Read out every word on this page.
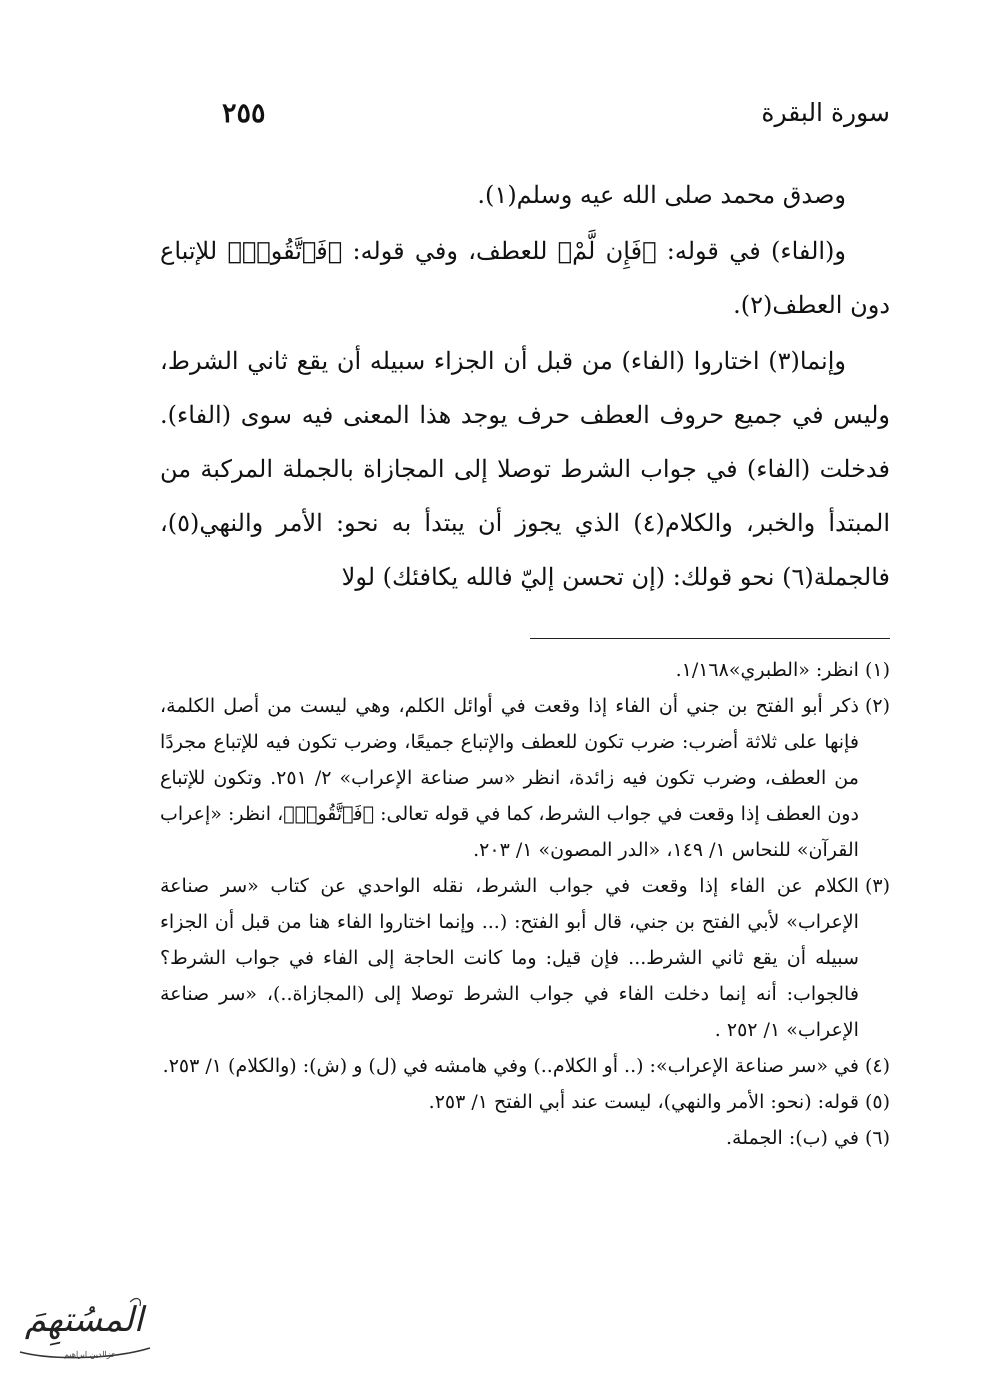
سورة البقرة
٢٥٥

وصدق محمد صلى الله عيه وسلم(١).

و(الفاء) في قوله: ﴿فَإِن لَّمْ﴾ للعطف، وفي قوله: ﴿فَٱتَّقُوا۟﴾ للإتباع دون العطف(٢).

وإنما(٣) اختاروا (الفاء) من قبل أن الجزاء سبيله أن يقع ثاني الشرط، وليس في جميع حروف العطف حرف يوجد هذا المعنى فيه سوى (الفاء). فدخلت (الفاء) في جواب الشرط توصلا إلى المجازاة بالجملة المركبة من المبتدأ والخبر، والكلام(٤) الذي يجوز أن يبتدأ به نحو: الأمر والنهي(٥)، فالجملة(٦) نحو قولك: (إن تحسن إليّ فالله يكافئك) لولا

(١)
انظر: «الطبري»١/١٦٨.
(٢)
ذكر أبو الفتح بن جني أن الفاء إذا وقعت في أوائل الكلم، وهي ليست من أصل الكلمة، فإنها على ثلاثة أضرب: ضرب تكون للعطف والإتباع جميعًا، وضرب تكون فيه للإتباع مجردًا من العطف، وضرب تكون فيه زائدة، انظر «سر صناعة الإعراب» ٢/ ٢٥١. وتكون للإتباع دون العطف إذا وقعت في جواب الشرط، كما في قوله تعالى: ﴿فَٱتَّقُوا۟﴾، انظر: «إعراب القرآن» للنحاس ١/ ١٤٩، «الدر المصون» ١/ ٢٠٣.
(٣)
الكلام عن الفاء إذا وقعت في جواب الشرط، نقله الواحدي عن كتاب «سر صناعة الإعراب» لأبي الفتح بن جني، قال أبو الفتح: (... وإنما اختاروا الفاء هنا من قبل أن الجزاء سبيله أن يقع ثاني الشرط... فإن قيل: وما كانت الحاجة إلى الفاء في جواب الشرط؟ فالجواب: أنه إنما دخلت الفاء في جواب الشرط توصلا إلى (المجازاة..)، «سر صناعة الإعراب» ١/ ٢٥٢ .
(٤)
في «سر صناعة الإعراب»: (.. أو الكلام..) وفي هامشه في (ل) و (ش): (والكلام) ١/ ٢٥٣.
(٥)
قوله: (نحو: الأمر والنهي)، ليست عند أبي الفتح ١/ ٢٥٣.
(٦)
في (ب): الجملة.
المسُتهِمَ
عزالدين ابراهيم
